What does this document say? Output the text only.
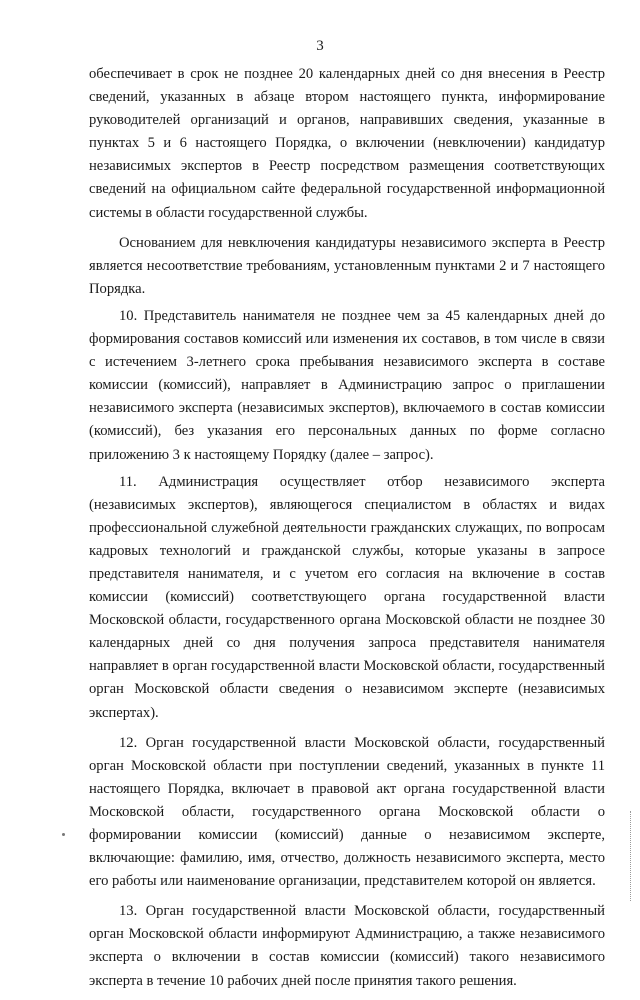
3

обеспечивает в срок не позднее 20 календарных дней со дня внесения в Реестр сведений, указанных в абзаце втором настоящего пункта, информирование руководителей организаций и органов, направивших сведения, указанные в пунктах 5 и 6 настоящего Порядка, о включении (невключении) кандидатур независимых экспертов в Реестр посредством размещения соответствующих сведений на официальном сайте федеральной государственной информационной системы в области государственной службы.

Основанием для невключения кандидатуры независимого эксперта в Реестр является несоответствие требованиям, установленным пунктами 2 и 7 настоящего Порядка.

10. Представитель нанимателя не позднее чем за 45 календарных дней до формирования составов комиссий или изменения их составов, в том числе в связи с истечением 3-летнего срока пребывания независимого эксперта в составе комиссии (комиссий), направляет в Администрацию запрос о приглашении независимого эксперта (независимых экспертов), включаемого в состав комиссии (комиссий), без указания его персональных данных по форме согласно приложению 3 к настоящему Порядку (далее – запрос).

11. Администрация осуществляет отбор независимого эксперта (независимых экспертов), являющегося специалистом в областях и видах профессиональной служебной деятельности гражданских служащих, по вопросам кадровых технологий и гражданской службы, которые указаны в запросе представителя нанимателя, и с учетом его согласия на включение в состав комиссии (комиссий) соответствующего органа государственной власти Московской области, государственного органа Московской области не позднее 30 календарных дней со дня получения запроса представителя нанимателя направляет в орган государственной власти Московской области, государственный орган Московской области сведения о независимом эксперте (независимых экспертах).

12. Орган государственной власти Московской области, государственный орган Московской области при поступлении сведений, указанных в пункте 11 настоящего Порядка, включает в правовой акт органа государственной власти Московской области, государственного органа Московской области о формировании комиссии (комиссий) данные о независимом эксперте, включающие: фамилию, имя, отчество, должность независимого эксперта, место его работы или наименование организации, представителем которой он является.

13. Орган государственной власти Московской области, государственный орган Московской области информируют Администрацию, а также независимого эксперта о включении в состав комиссии (комиссий) такого независимого эксперта в течение 10 рабочих дней после принятия такого решения.
